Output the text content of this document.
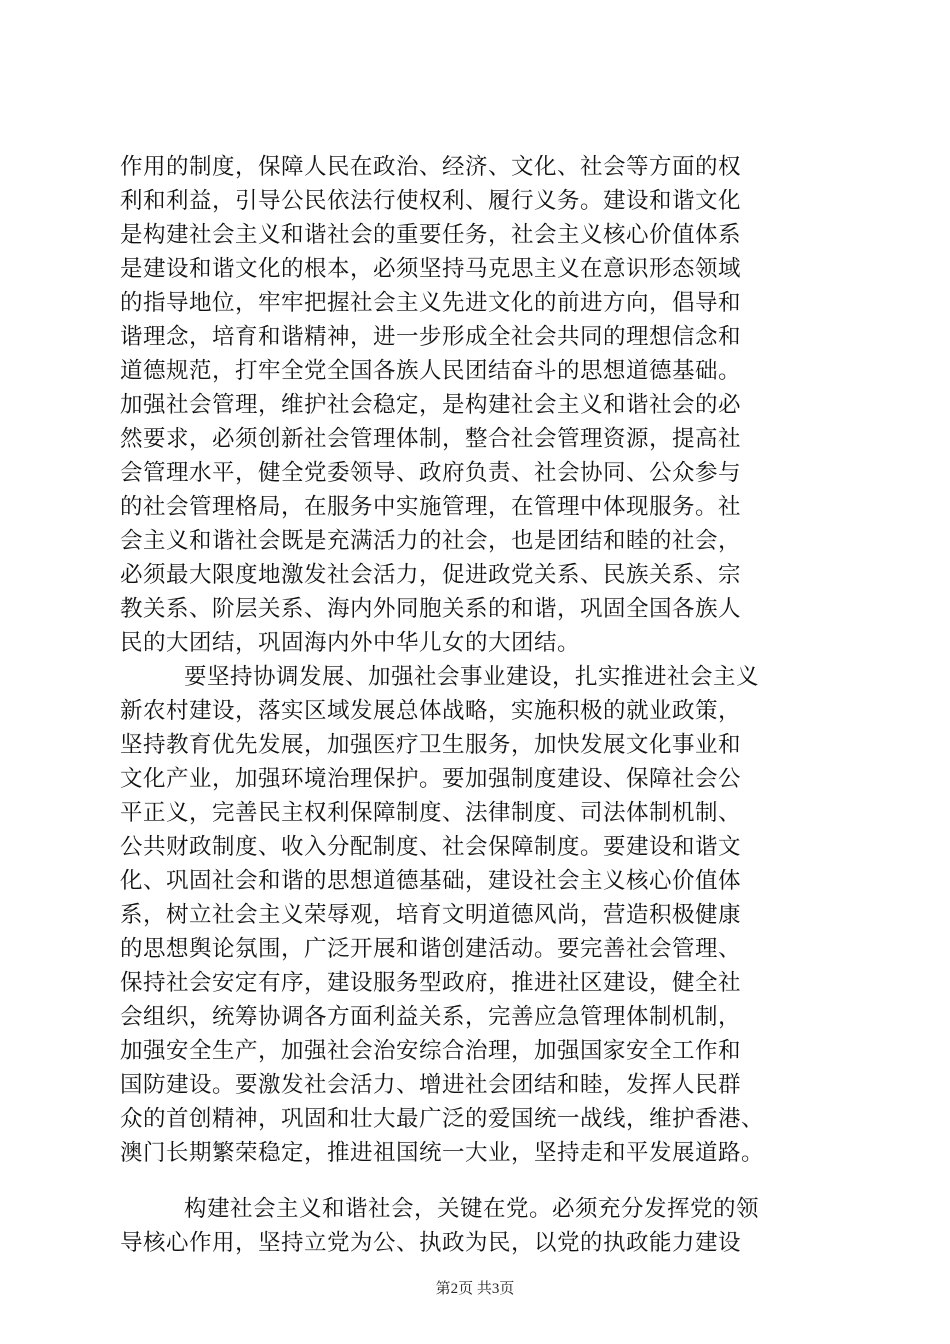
作用的制度，保障人民在政治、经济、文化、社会等方面的权
利和利益，引导公民依法行使权利、履行义务。建设和谐文化
是构建社会主义和谐社会的重要任务，社会主义核心价值体系
是建设和谐文化的根本，必须坚持马克思主义在意识形态领域
的指导地位，牢牢把握社会主义先进文化的前进方向，倡导和
谐理念，培育和谐精神，进一步形成全社会共同的理想信念和
道德规范，打牢全党全国各族人民团结奋斗的思想道德基础。
加强社会管理，维护社会稳定，是构建社会主义和谐社会的必
然要求，必须创新社会管理体制，整合社会管理资源，提高社
会管理水平，健全党委领导、政府负责、社会协同、公众参与
的社会管理格局，在服务中实施管理，在管理中体现服务。社
会主义和谐社会既是充满活力的社会，也是团结和睦的社会，
必须最大限度地激发社会活力，促进政党关系、民族关系、宗
教关系、阶层关系、海内外同胞关系的和谐，巩固全国各族人
民的大团结，巩固海内外中华儿女的大团结。
要坚持协调发展、加强社会事业建设，扎实推进社会主义
新农村建设，落实区域发展总体战略，实施积极的就业政策，
坚持教育优先发展，加强医疗卫生服务，加快发展文化事业和
文化产业，加强环境治理保护。要加强制度建设、保障社会公
平正义，完善民主权利保障制度、法律制度、司法体制机制、
公共财政制度、收入分配制度、社会保障制度。要建设和谐文
化、巩固社会和谐的思想道德基础，建设社会主义核心价值体
系，树立社会主义荣辱观，培育文明道德风尚，营造积极健康
的思想舆论氛围，广泛开展和谐创建活动。要完善社会管理、
保持社会安定有序，建设服务型政府，推进社区建设，健全社
会组织，统筹协调各方面利益关系，完善应急管理体制机制，
加强安全生产，加强社会治安综合治理，加强国家安全工作和
国防建设。要激发社会活力、增进社会团结和睦，发挥人民群
众的首创精神，巩固和壮大最广泛的爱国统一战线，维护香港、
澳门长期繁荣稳定，推进祖国统一大业，坚持走和平发展道路。
构建社会主义和谐社会，关键在党。必须充分发挥党的领
导核心作用，坚持立党为公、执政为民，以党的执政能力建设
第2页 共3页
